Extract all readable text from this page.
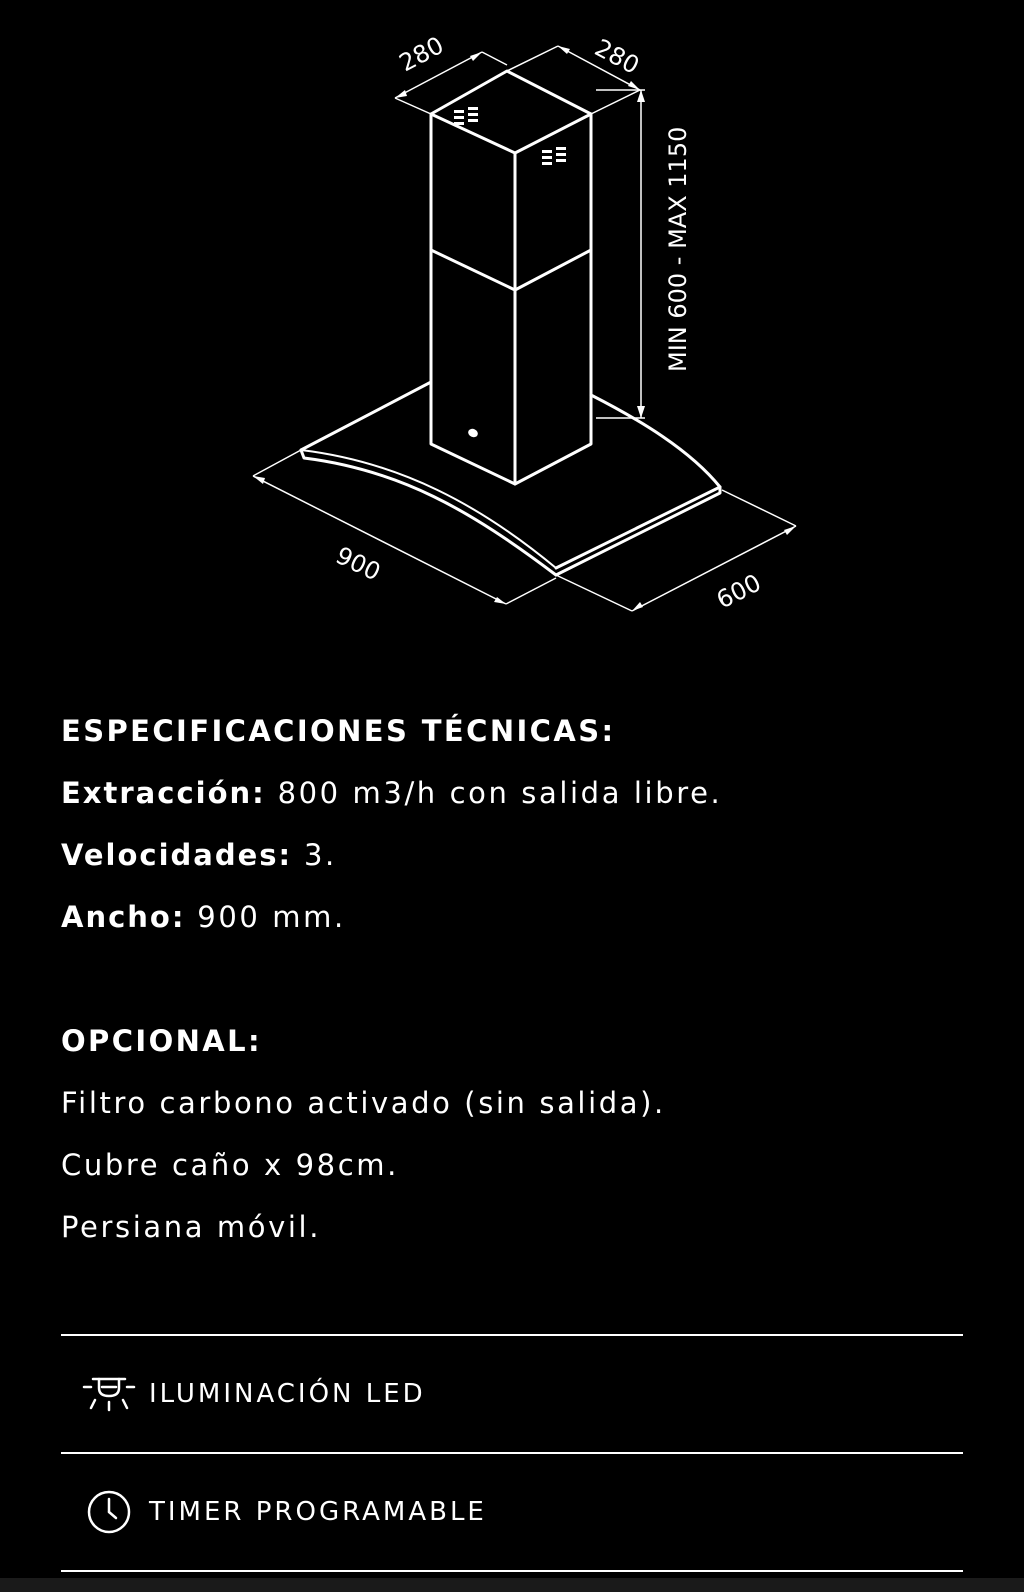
280	280
MIN 600 - MAX 1150
900
600
ESPECIFICACIONES TÉCNICAS:
Extracción: 800 m3/h con salida libre.
Velocidades: 3.
Ancho: 900 mm.
OPCIONAL:
Filtro carbono activado (sin salida).
Cubre caño x 98cm.
Persiana móvil.
ILUMINACIÓN LED
TIMER PROGRAMABLE
